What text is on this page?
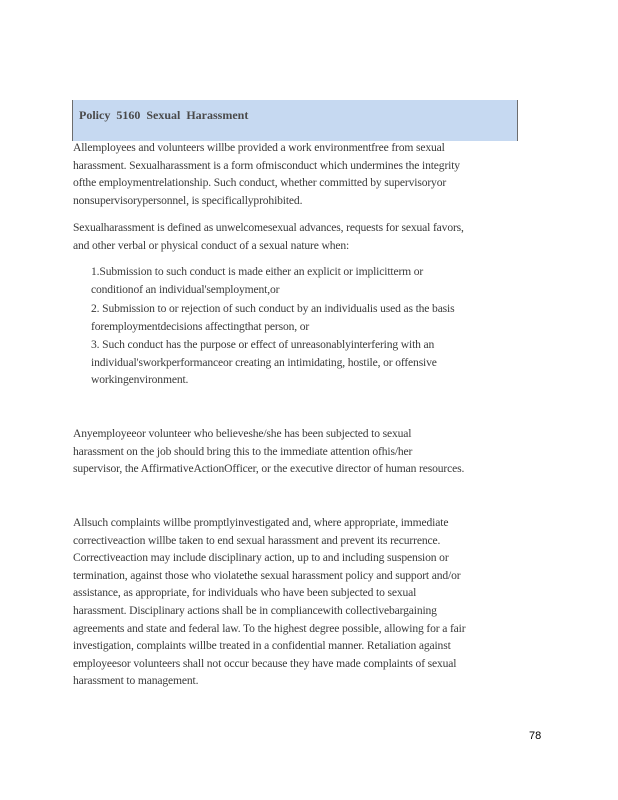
Policy 5160 Sexual Harassment

Allemployees and volunteers willbe provided a work environmentfree from sexual
harassment. Sexualharassment is a form ofmisconduct which undermines the integrity
ofthe employmentrelationship. Such conduct, whether committed by supervisoryor
nonsupervisorypersonnel, is specificallyprohibited.

Sexualharassment is defined as unwelcomesexual advances, requests for sexual favors,
and other verbal or physical conduct of a sexual nature when:

1.Submission to such conduct is made either an explicit or implicitterm or
conditionof an individual'semployment,or

2. Submission to or rejection of such conduct by an individualis used as the basis
foremploymentdecisions affectingthat person, or

3. Such conduct has the purpose or effect of unreasonablyinterfering with an
individual'sworkperformanceor creating an intimidating, hostile, or offensive
workingenvironment.

Anyemployeeor volunteer who believeshe/she has been subjected to sexual
harassment on the job should bring this to the immediate attention ofhis/her
supervisor, the AffirmativeActionOfficer, or the executive director of human resources.

Allsuch complaints willbe promptlyinvestigated and, where appropriate, immediate
correctiveaction willbe taken to end sexual harassment and prevent its recurrence.
Correctiveaction may include disciplinary action, up to and including suspension or
termination, against those who violatethe sexual harassment policy and support and/or
assistance, as appropriate, for individuals who have been subjected to sexual
harassment. Disciplinary actions shall be in compliancewith collectivebargaining
agreements and state and federal law. To the highest degree possible, allowing for a fair
investigation, complaints willbe treated in a confidential manner. Retaliation against
employeesor volunteers shall not occur because they have made complaints of sexual
harassment to management.

78
